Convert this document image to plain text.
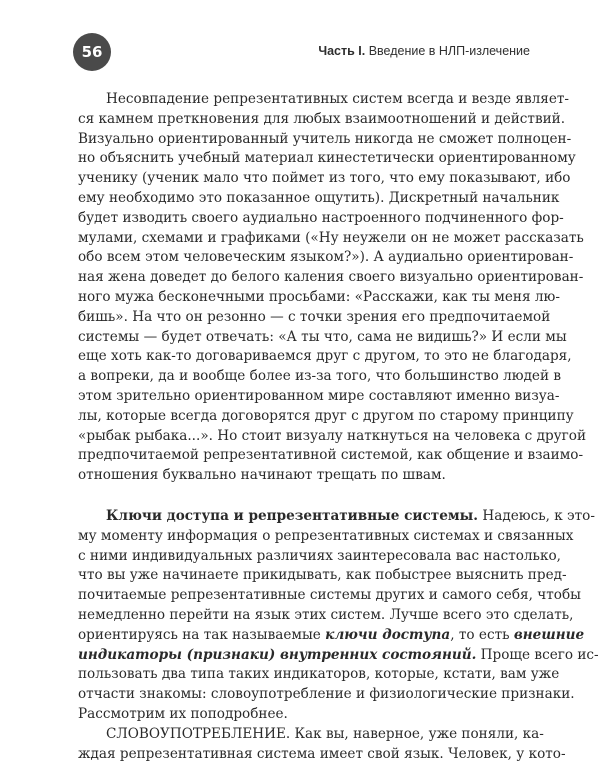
56	Часть I. Введение в НЛП-излечение
Несовпадение репрезентативных систем всегда и везде являет-
ся камнем преткновения для любых взаимоотношений и действий.
Визуально ориентированный учитель никогда не сможет полноцен-
но объяснить учебный материал кинестетически ориентированному
ученику (ученик мало что поймет из того, что ему показывают, ибо
ему необходимо это показанное ощутить). Дискретный начальник
будет изводить своего аудиально настроенного подчиненного фор-
мулами, схемами и графиками («Ну неужели он не может рассказать
обо всем этом человеческим языком?»). А аудиально ориентирован-
ная жена доведет до белого каления своего визуально ориентирован-
ного мужа бесконечными просьбами: «Расскажи, как ты меня лю-
бишь». На что он резонно — с точки зрения его предпочитаемой
системы — будет отвечать: «А ты что, сама не видишь?» И если мы
еще хоть как-то договариваемся друг с другом, то это не благодаря,
а вопреки, да и вообще более из-за того, что большинство людей в
этом зрительно ориентированном мире составляют именно визуа-
лы, которые всегда договорятся друг с другом по старому принципу
«рыбак рыбака...». Но стоит визуалу наткнуться на человека с другой
предпочитаемой репрезентативной системой, как общение и взаимо-
отношения буквально начинают трещать по швам.
Ключи доступа и репрезентативные системы. Надеюсь, к это-
му моменту информация о репрезентативных системах и связанных
с ними индивидуальных различиях заинтересовала вас настолько,
что вы уже начинаете прикидывать, как побыстрее выяснить пред-
почитаемые репрезентативные системы других и самого себя, чтобы
немедленно перейти на язык этих систем. Лучше всего это сделать,
ориентируясь на так называемые ключи доступа, то есть внешние
индикаторы (признаки) внутренних состояний. Проще всего ис-
пользовать два типа таких индикаторов, которые, кстати, вам уже
отчасти знакомы: словоупотребление и физиологические признаки.
Рассмотрим их поподробнее.
СЛОВОУПОТРЕБЛЕНИЕ. Как вы, наверное, уже поняли, ка-
ждая репрезентативная система имеет свой язык. Человек, у кото-
